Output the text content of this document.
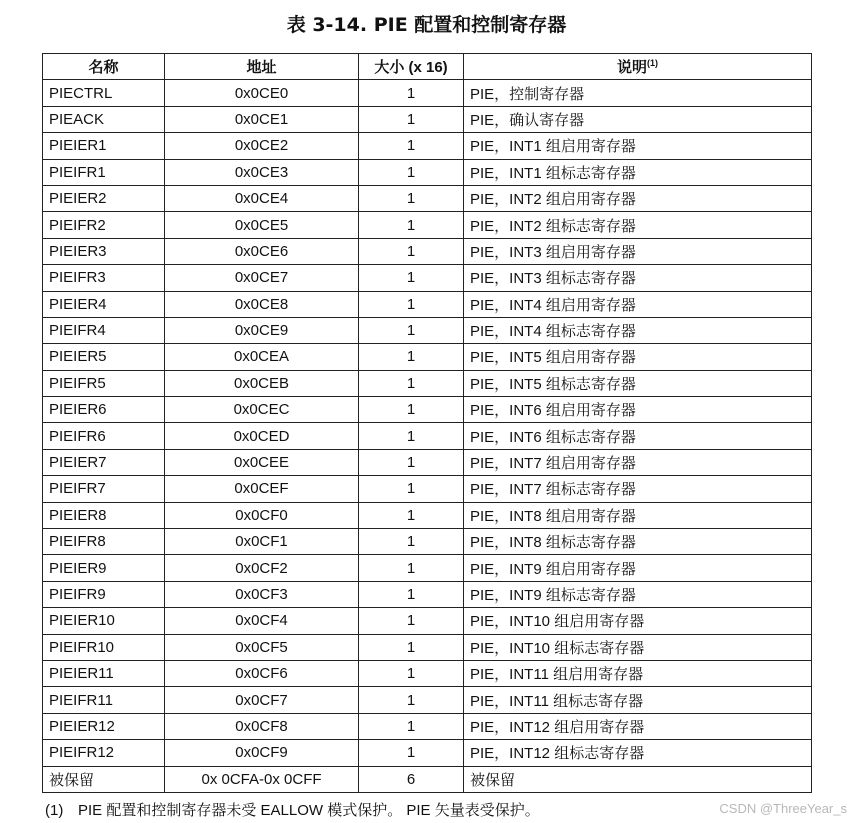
表 3-14. PIE 配置和控制寄存器
名称	地址	大小 (x 16)	说明$^{(1)}$
PIECTRL	0x0CE0	1	PIE，控制寄存器
PIEACK	0x0CE1	1	PIE，确认寄存器
PIEIER1	0x0CE2	1	PIE，INT1 组启用寄存器
PIEIFR1	0x0CE3	1	PIE，INT1 组标志寄存器
PIEIER2	0x0CE4	1	PIE，INT2 组启用寄存器
PIEIFR2	0x0CE5	1	PIE，INT2 组标志寄存器
PIEIER3	0x0CE6	1	PIE，INT3 组启用寄存器
PIEIFR3	0x0CE7	1	PIE，INT3 组标志寄存器
PIEIER4	0x0CE8	1	PIE，INT4 组启用寄存器
PIEIFR4	0x0CE9	1	PIE，INT4 组标志寄存器
PIEIER5	0x0CEA	1	PIE，INT5 组启用寄存器
PIEIFR5	0x0CEB	1	PIE，INT5 组标志寄存器
PIEIER6	0x0CEC	1	PIE，INT6 组启用寄存器
PIEIFR6	0x0CED	1	PIE，INT6 组标志寄存器
PIEIER7	0x0CEE	1	PIE，INT7 组启用寄存器
PIEIFR7	0x0CEF	1	PIE，INT7 组标志寄存器
PIEIER8	0x0CF0	1	PIE，INT8 组启用寄存器
PIEIFR8	0x0CF1	1	PIE，INT8 组标志寄存器
PIEIER9	0x0CF2	1	PIE，INT9 组启用寄存器
PIEIFR9	0x0CF3	1	PIE，INT9 组标志寄存器
PIEIER10	0x0CF4	1	PIE，INT10 组启用寄存器
PIEIFR10	0x0CF5	1	PIE，INT10 组标志寄存器
PIEIER11	0x0CF6	1	PIE，INT11 组启用寄存器
PIEIFR11	0x0CF7	1	PIE，INT11 组标志寄存器
PIEIER12	0x0CF8	1	PIE，INT12 组启用寄存器
PIEIFR12	0x0CF9	1	PIE，INT12 组标志寄存器
被保留	0x 0CFA-0x 0CFF	6	被保留
(1) PIE 配置和控制寄存器未受 EALLOW 模式保护。 PIE 矢量表受保护。	CSDN @ThreeYear_s
